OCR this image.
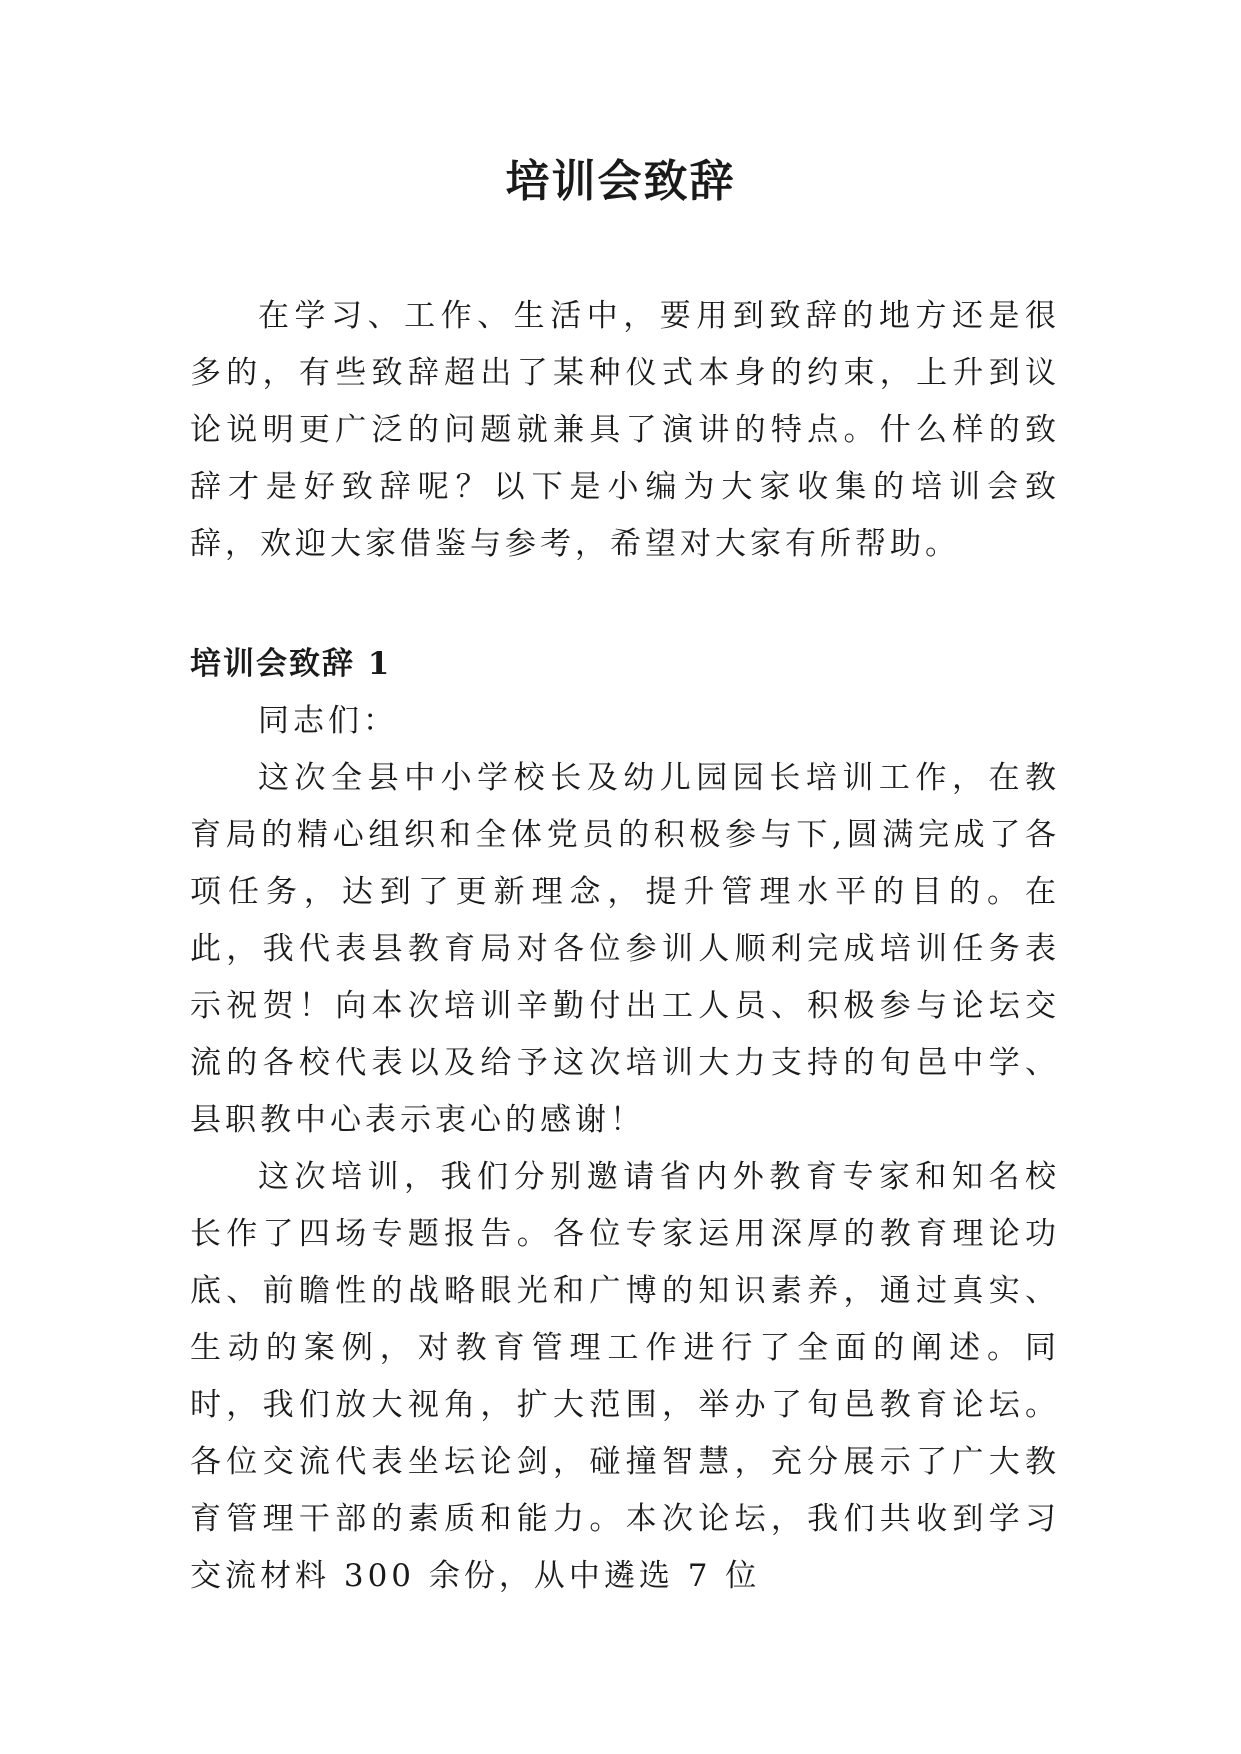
培训会致辞

在学习、工作、生活中，要用到致辞的地方还是很多的，有些致辞超出了某种仪式本身的约束，上升到议论说明更广泛的问题就兼具了演讲的特点。什么样的致辞才是好致辞呢？以下是小编为大家收集的培训会致辞，欢迎大家借鉴与参考，希望对大家有所帮助。

培训会致辞 1

同志们：

这次全县中小学校长及幼儿园园长培训工作，在教育局的精心组织和全体党员的积极参与下,圆满完成了各项任务，达到了更新理念，提升管理水平的目的。在此，我代表县教育局对各位参训人顺利完成培训任务表示祝贺！向本次培训辛勤付出工人员、积极参与论坛交流的各校代表以及给予这次培训大力支持的旬邑中学、县职教中心表示衷心的感谢！

这次培训，我们分别邀请省内外教育专家和知名校长作了四场专题报告。各位专家运用深厚的教育理论功底、前瞻性的战略眼光和广博的知识素养，通过真实、生动的案例，对教育管理工作进行了全面的阐述。同时，我们放大视角，扩大范围，举办了旬邑教育论坛。各位交流代表坐坛论剑，碰撞智慧，充分展示了广大教育管理干部的素质和能力。本次论坛，我们共收到学习交流材料 300 余份，从中遴选 7 位
